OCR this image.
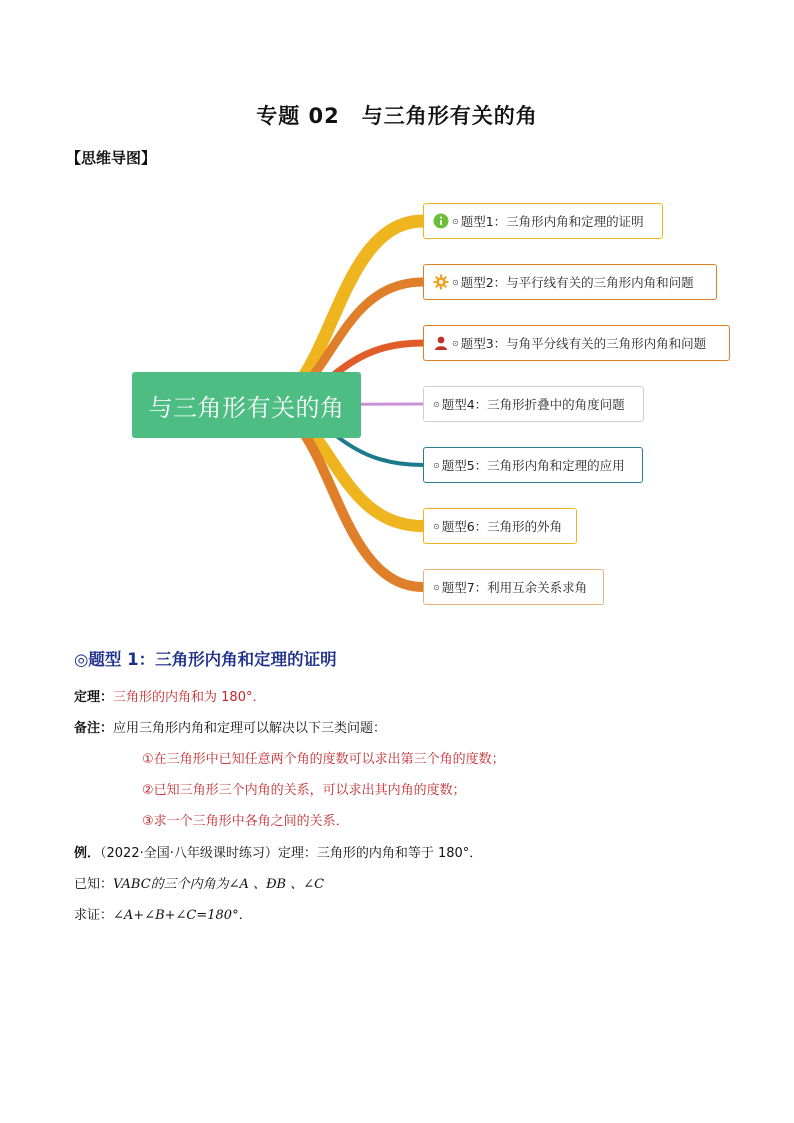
专题 02　与三角形有关的角
【思维导图】
与三角形有关的角
⊙ 题型1：三角形内角和定理的证明
⊙ 题型2：与平行线有关的三角形内角和问题
⊙ 题型3：与角平分线有关的三角形内角和问题
⊙ 题型4：三角形折叠中的角度问题
⊙ 题型5：三角形内角和定理的应用
⊙ 题型6：三角形的外角
⊙ 题型7：利用互余关系求角
◎题型 1：三角形内角和定理的证明
定理：三角形的内角和为 180°．
备注：应用三角形内角和定理可以解决以下三类问题：
①在三角形中已知任意两个角的度数可以求出第三个角的度数；
②已知三角形三个内角的关系，可以求出其内角的度数；
③求一个三角形中各角之间的关系．
例．（2022·全国·八年级课时练习）定理：三角形的内角和等于 180°．
已知：VABC的三个内角为∠A 、ÐB 、∠C
求证：∠A+∠B+∠C=180°．
